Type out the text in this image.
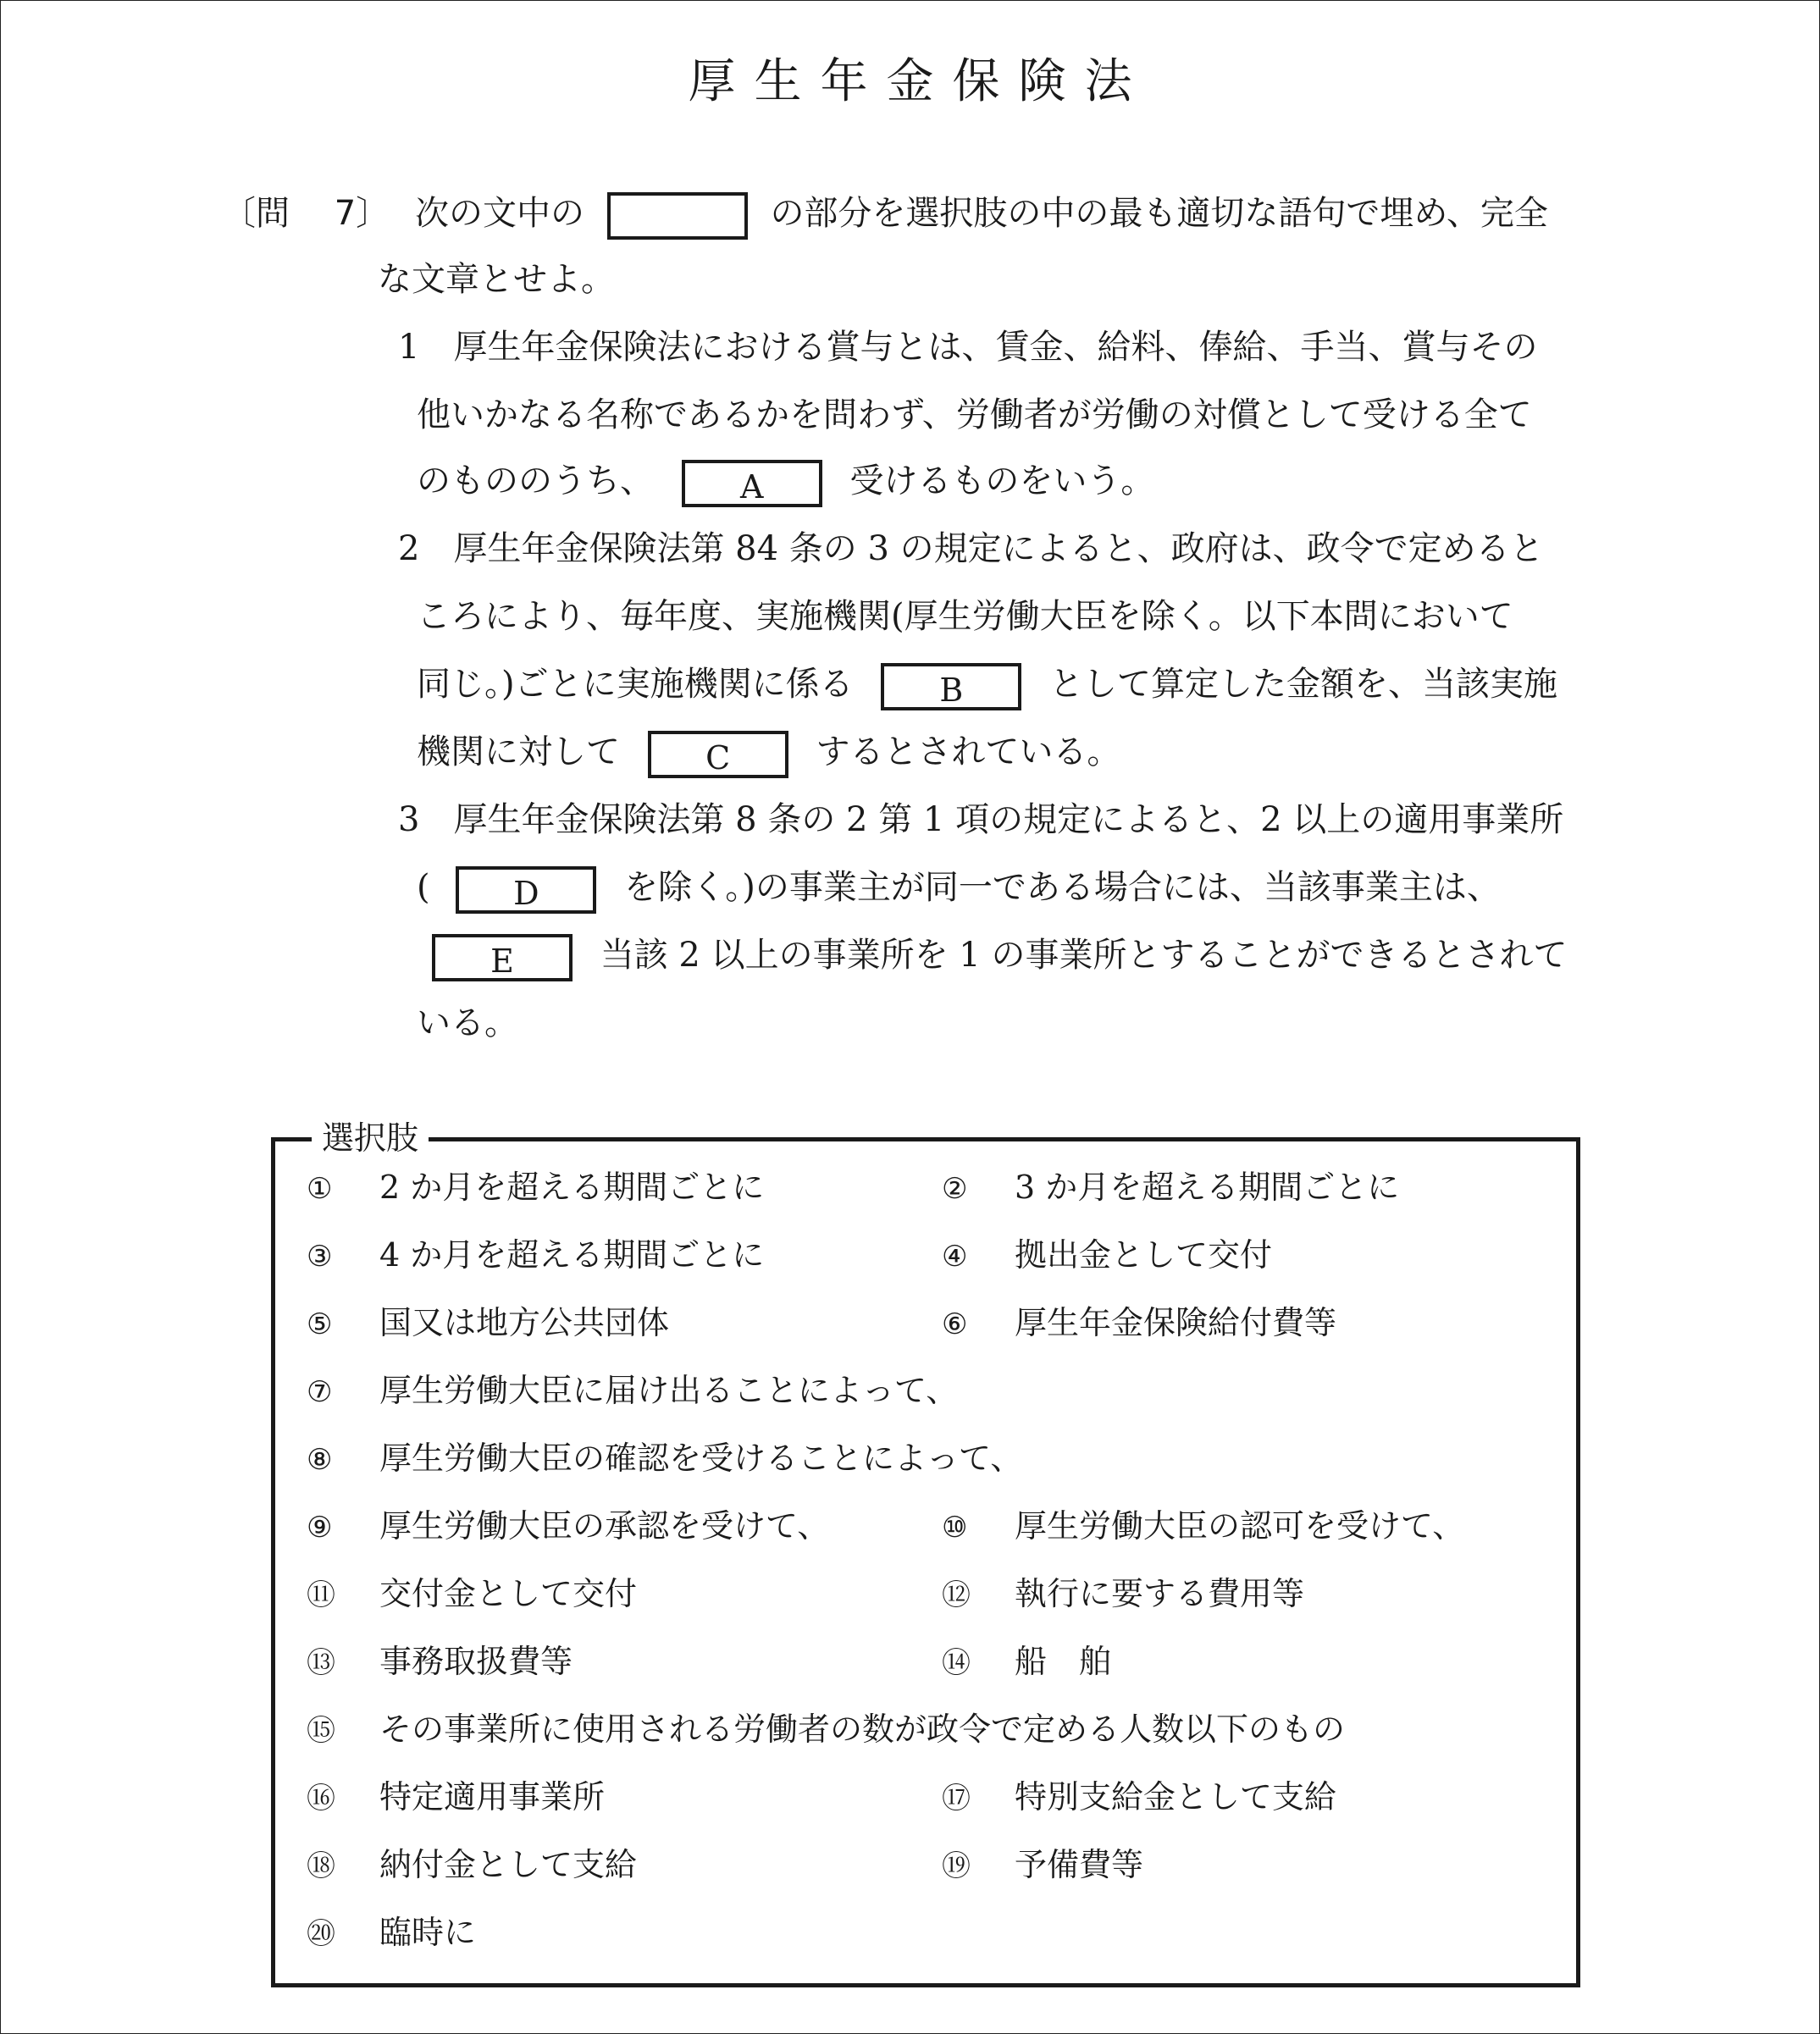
厚生年金保険法
〔問　 7〕 次の文中の	の部分を選択肢の中の最も適切な語句で埋め、完全
な文章とせよ。
1　厚生年金保険法における賞与とは、賃金、給料、俸給、手当、賞与その
他いかなる名称であるかを問わず、労働者が労働の対償として受ける全て
のもののうち、	A	受けるものをいう。
2　厚生年金保険法第 84 条の 3 の規定によると、政府は、政令で定めると
ころにより、毎年度、実施機関(厚生労働大臣を除く。以下本問において
同じ。)ごとに実施機関に係る	B	として算定した金額を、当該実施
機関に対して	C	するとされている。
3　厚生年金保険法第 8 条の 2 第 1 項の規定によると、2 以上の適用事業所
(	D	を除く。)の事業主が同一である場合には、当該事業主は、
E	当該 2 以上の事業所を 1 の事業所とすることができるとされて
いる。
選択肢
① 2 か月を超える期間ごとに	② 3 か月を超える期間ごとに
③ 4 か月を超える期間ごとに	④ 拠出金として交付
⑤ 国又は地方公共団体	⑥ 厚生年金保険給付費等
⑦ 厚生労働大臣に届け出ることによって、
⑧ 厚生労働大臣の確認を受けることによって、
⑨ 厚生労働大臣の承認を受けて、	⑩ 厚生労働大臣の認可を受けて、
⑪ 交付金として交付	⑫ 執行に要する費用等
⑬ 事務取扱費等	⑭ 船　舶
⑮ その事業所に使用される労働者の数が政令で定める人数以下のもの
⑯ 特定適用事業所	⑰ 特別支給金として支給
⑱ 納付金として支給	⑲ 予備費等
⑳ 臨時に
